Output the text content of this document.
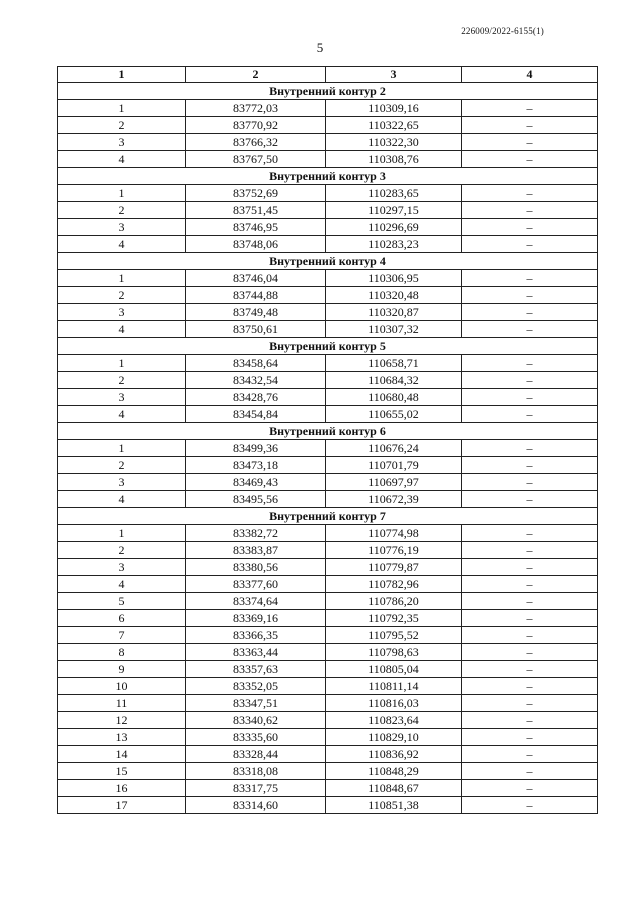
226009/2022-6155(1)
5
1	2	3	4
Внутренний контур 2			
1	83772,03	110309,16	–
2	83770,92	110322,65	–
3	83766,32	110322,30	–
4	83767,50	110308,76	–
Внутренний контур 3			
1	83752,69	110283,65	–
2	83751,45	110297,15	–
3	83746,95	110296,69	–
4	83748,06	110283,23	–
Внутренний контур 4			
1	83746,04	110306,95	–
2	83744,88	110320,48	–
3	83749,48	110320,87	–
4	83750,61	110307,32	–
Внутренний контур 5			
1	83458,64	110658,71	–
2	83432,54	110684,32	–
3	83428,76	110680,48	–
4	83454,84	110655,02	–
Внутренний контур 6			
1	83499,36	110676,24	–
2	83473,18	110701,79	–
3	83469,43	110697,97	–
4	83495,56	110672,39	–
Внутренний контур 7			
1	83382,72	110774,98	–
2	83383,87	110776,19	–
3	83380,56	110779,87	–
4	83377,60	110782,96	–
5	83374,64	110786,20	–
6	83369,16	110792,35	–
7	83366,35	110795,52	–
8	83363,44	110798,63	–
9	83357,63	110805,04	–
10	83352,05	110811,14	–
11	83347,51	110816,03	–
12	83340,62	110823,64	–
13	83335,60	110829,10	–
14	83328,44	110836,92	–
15	83318,08	110848,29	–
16	83317,75	110848,67	–
17	83314,60	110851,38	–
